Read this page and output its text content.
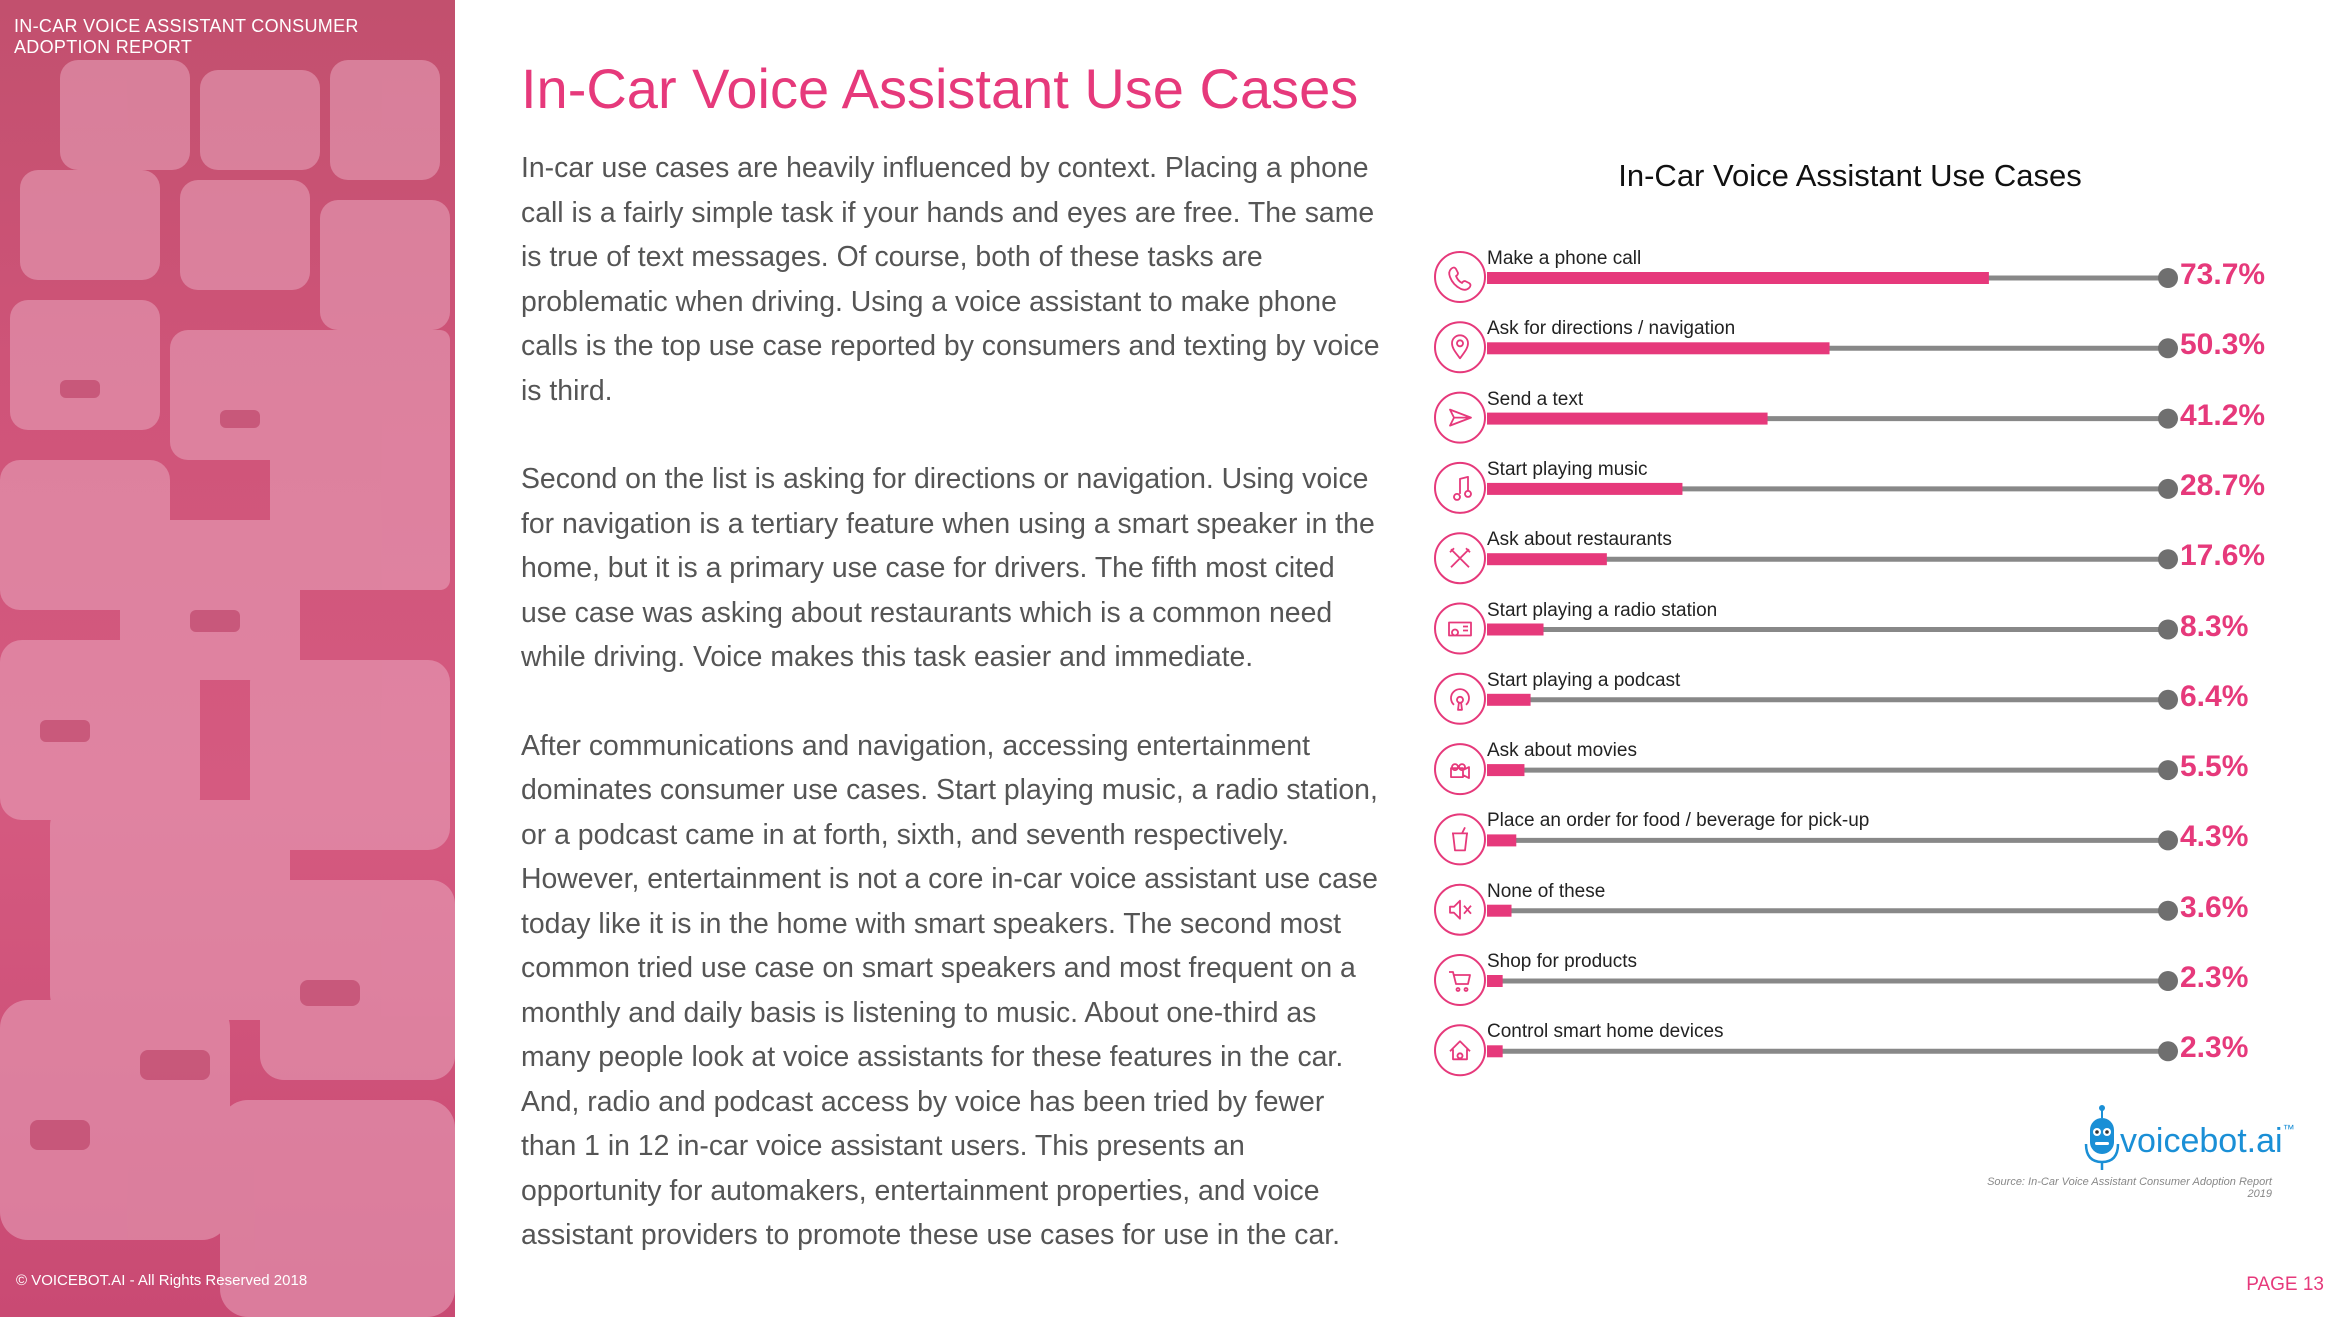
IN-CAR VOICE ASSISTANT CONSUMER ADOPTION REPORT
© VOICEBOT.AI - All Rights Reserved 2018
In-Car Voice Assistant Use Cases

In-car use cases are heavily influenced by context. Placing a phone call is a fairly simple task if your hands and eyes are free. The same is true of text messages. Of course, both of these tasks are problematic when driving. Using a voice assistant to make phone calls is the top use case reported by consumers and texting by voice is third.

Second on the list is asking for directions or navigation. Using voice for navigation is a tertiary feature when using a smart speaker in the home, but it is a primary use case for drivers. The fifth most cited use case was asking about restaurants which is a common need while driving. Voice makes this task easier and immediate.

After communications and navigation, accessing entertainment dominates consumer use cases. Start playing music, a radio station, or a podcast came in at forth, sixth, and seventh respectively. However, entertainment is not a core in-car voice assistant use case today like it is in the home with smart speakers. The second most common tried use case on smart speakers and most frequent on a monthly and daily basis is listening to music. About one-third as many people look at voice assistants for these features in the car. And, radio and podcast access by voice has been tried by fewer than 1 in 12 in-car voice assistant users. This presents an opportunity for automakers, entertainment properties, and voice assistant providers to promote these use cases for use in the car.

In-Car Voice Assistant Use Cases
Make a phone call	73.7%
Ask for directions / navigation	50.3%
Send a text	41.2%
Start playing music	28.7%
Ask about restaurants	17.6%
Start playing a radio station	8.3%
Start playing a podcast	6.4%
Ask about movies	5.5%
Place an order for food / beverage for pick-up	4.3%
None of these	3.6%
Shop for products	2.3%
Control smart home devices	2.3%
voicebot.ai™
Source: In-Car Voice Assistant Consumer Adoption Report 2019
PAGE 13
